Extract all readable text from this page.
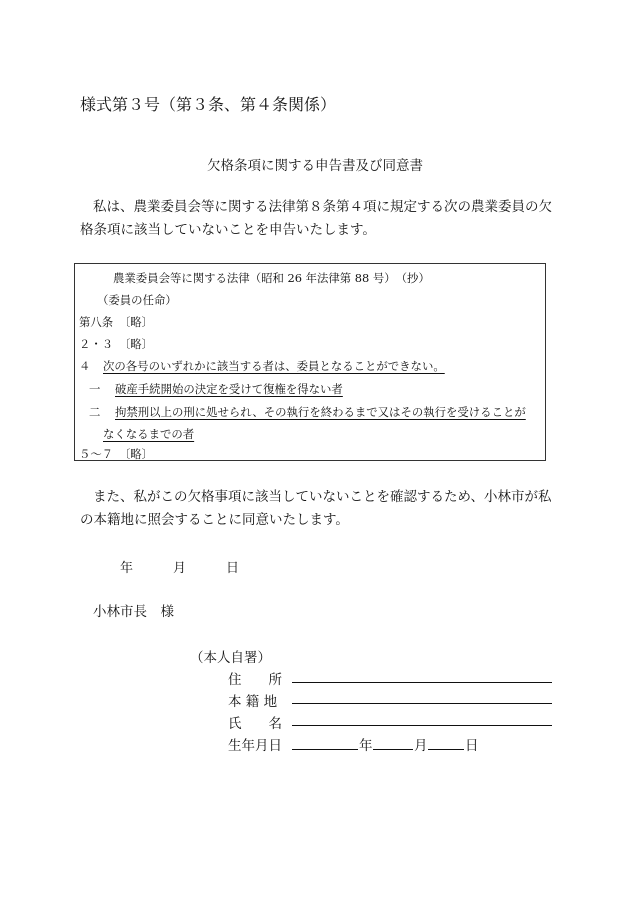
様式第３号（第３条、第４条関係）
欠格条項に関する申告書及び同意書
私は、農業委員会等に関する法律第８条第４項に規定する次の農業委員の欠格条項に該当していないことを申告いたします。
農業委員会等に関する法律（昭和 26 年法律第 88 号）　（抄）
（委員の任命）
第八条　〔略〕
２・３　〔略〕
４ 次の各号のいずれかに該当する者は、委員となることができない。
一 破産手続開始の決定を受けて復権を得ない者
二 拘禁刑以上の刑に処せられ、その執行を終わるまで又はその執行を受けることが
なくなるまでの者
５～７　〔略〕
また、私がこの欠格事項に該当していないことを確認するため、小林市が私の本籍地に照会することに同意いたします。
年	月	日
小林市長　様
（本人自署）
住　　所
本 籍 地
氏　　名
生年月日	年	月	日
